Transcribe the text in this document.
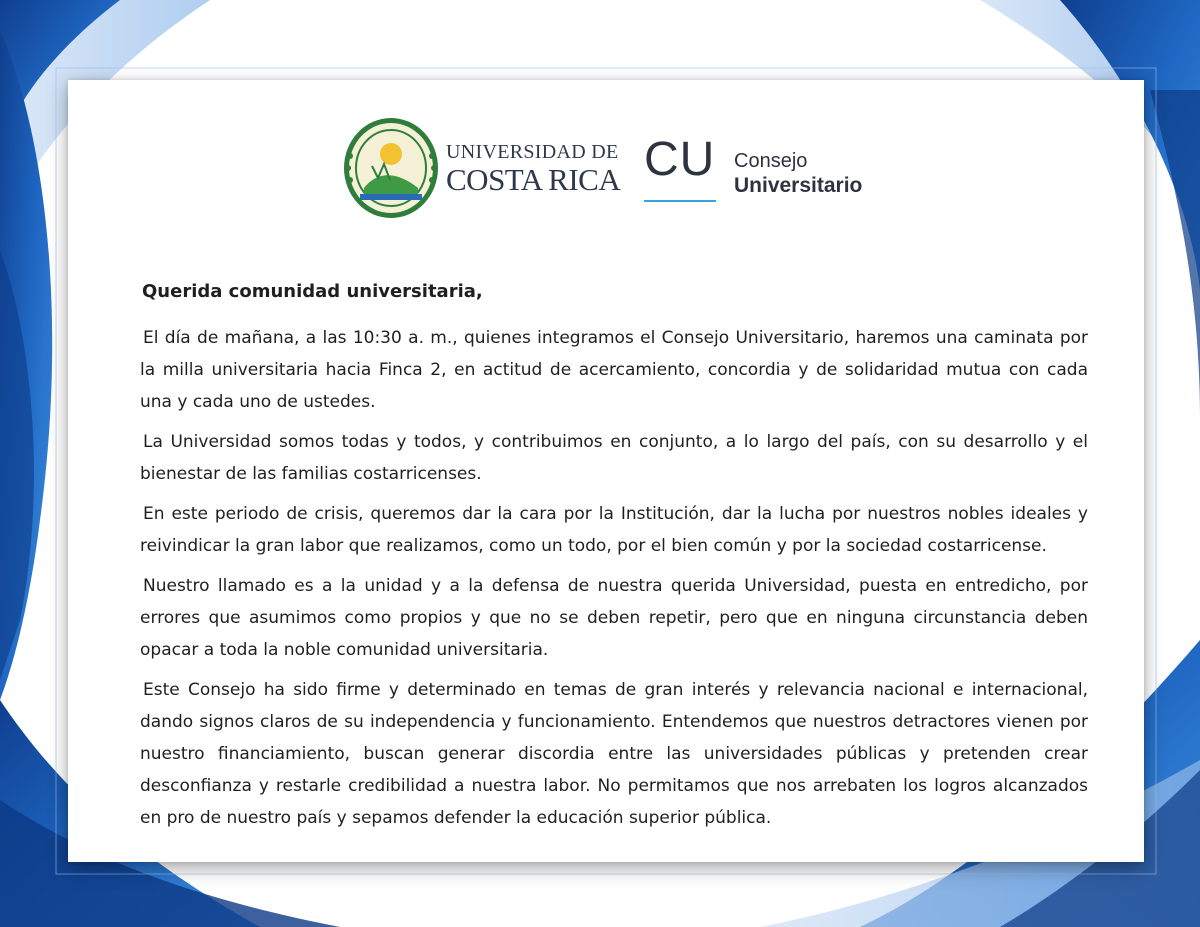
UNIVERSIDAD DE
COSTA RICA CU Consejo
Universitario

Querida comunidad universitaria,

El día de mañana, a las 10:30 a. m., quienes integramos el Consejo Universitario, haremos una caminata por la milla universitaria hacia Finca 2, en actitud de acercamiento, concordia y de solidaridad mutua con cada una y cada uno de ustedes.

La Universidad somos todas y todos, y contribuimos en conjunto, a lo largo del país, con su desarrollo y el bienestar de las familias costarricenses.

En este periodo de crisis, queremos dar la cara por la Institución, dar la lucha por nuestros nobles ideales y reivindicar la gran labor que realizamos, como un todo, por el bien común y por la sociedad costarricense.

Nuestro llamado es a la unidad y a la defensa de nuestra querida Universidad, puesta en entredicho, por errores que asumimos como propios y que no se deben repetir, pero que en ninguna circunstancia deben opacar a toda la noble comunidad universitaria.

Este Consejo ha sido firme y determinado en temas de gran interés y relevancia nacional e internacional, dando signos claros de su independencia y funcionamiento. Entendemos que nuestros detractores vienen por nuestro financiamiento, buscan generar discordia entre las universidades públicas y pretenden crear desconfianza y restarle credibilidad a nuestra labor. No permitamos que nos arrebaten los logros alcanzados en pro de nuestro país y sepamos defender la educación superior pública.
